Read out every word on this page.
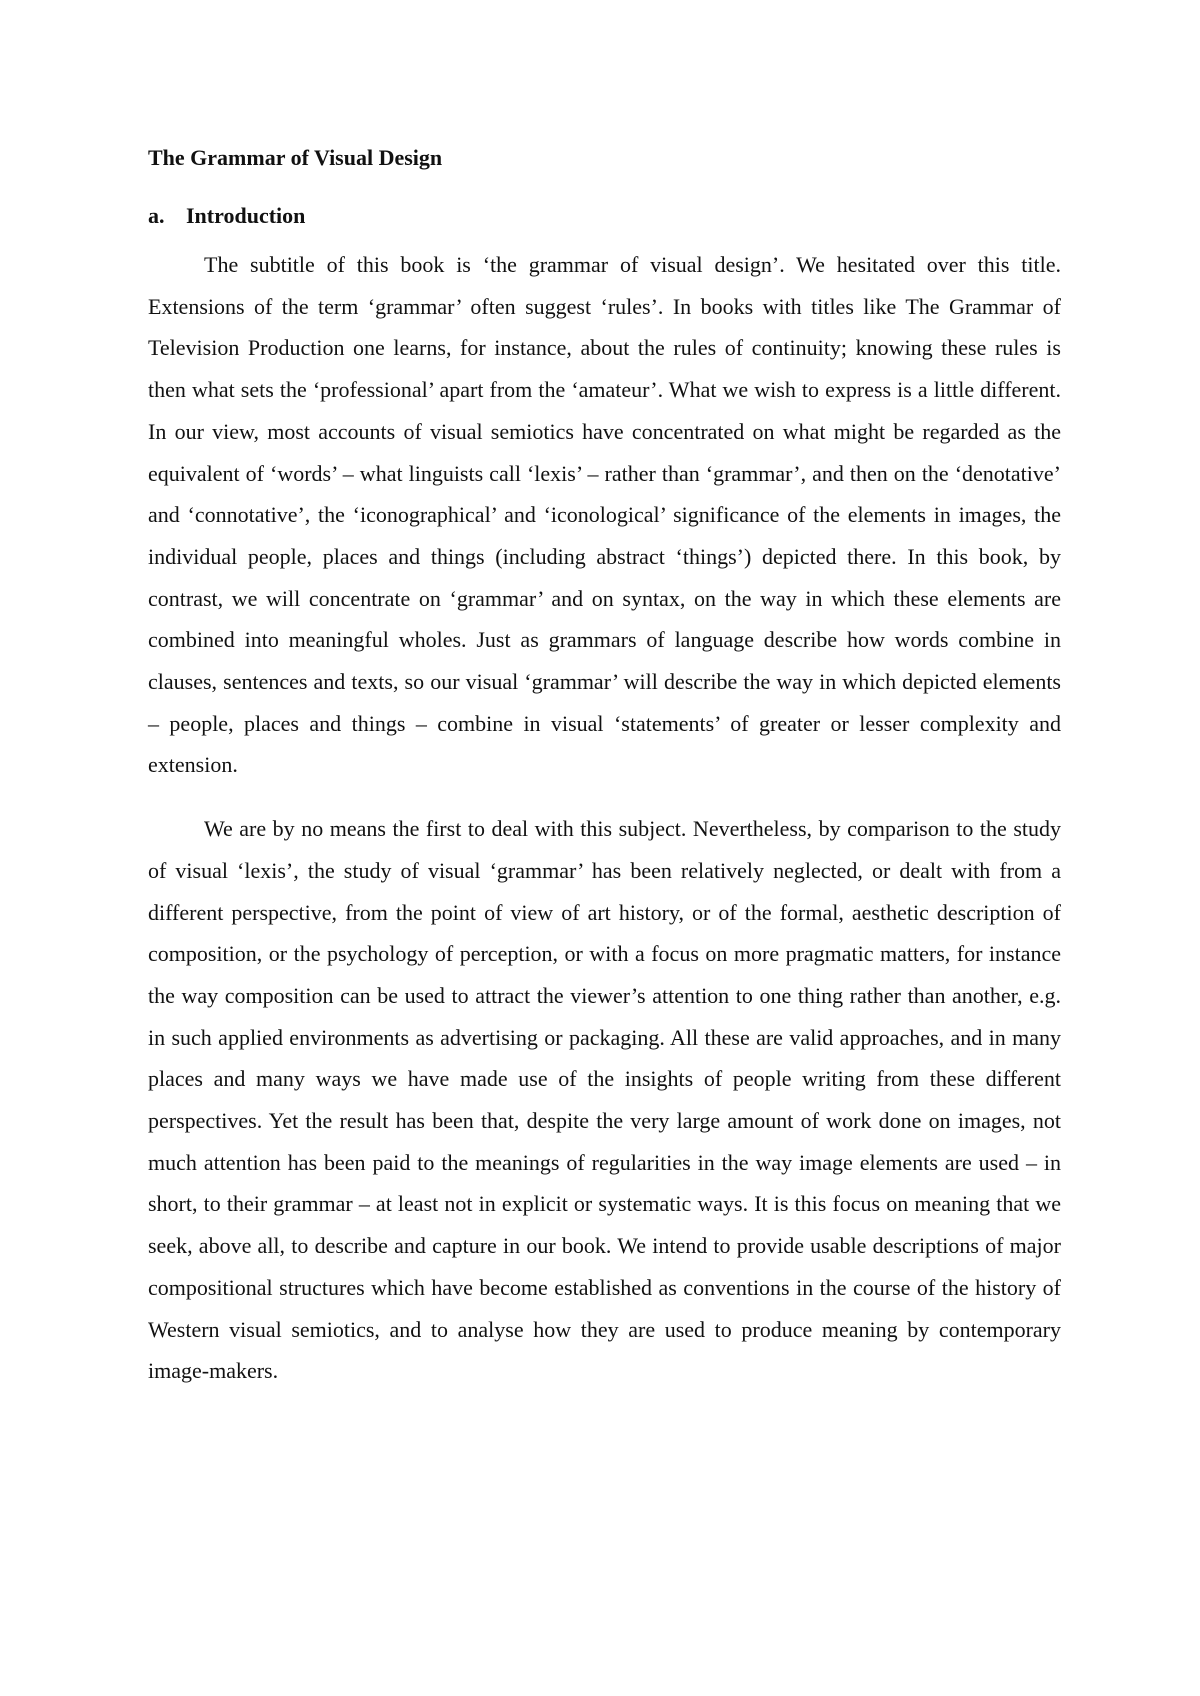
The Grammar of Visual Design
a. Introduction

The subtitle of this book is ‘the grammar of visual design’. We hesitated over this title. Extensions of the term ‘grammar’ often suggest ‘rules’. In books with titles like The Grammar of Television Production one learns, for instance, about the rules of continuity; knowing these rules is then what sets the ‘professional’ apart from the ‘amateur’. What we wish to express is a little different. In our view, most accounts of visual semiotics have concentrated on what might be regarded as the equivalent of ‘words’ – what linguists call ‘lexis’ – rather than ‘grammar’, and then on the ‘denotative’ and ‘connotative’, the ‘iconographical’ and ‘iconological’ significance of the elements in images, the individual people, places and things (including abstract ‘things’) depicted there. In this book, by contrast, we will concentrate on ‘grammar’ and on syntax, on the way in which these elements are combined into meaningful wholes. Just as grammars of language describe how words combine in clauses, sentences and texts, so our visual ‘grammar’ will describe the way in which depicted elements – people, places and things – combine in visual ‘statements’ of greater or lesser complexity and extension.

We are by no means the first to deal with this subject. Nevertheless, by comparison to the study of visual ‘lexis’, the study of visual ‘grammar’ has been relatively neglected, or dealt with from a different perspective, from the point of view of art history, or of the formal, aesthetic description of composition, or the psychology of perception, or with a focus on more pragmatic matters, for instance the way composition can be used to attract the viewer’s attention to one thing rather than another, e.g. in such applied environments as advertising or packaging. All these are valid approaches, and in many places and many ways we have made use of the insights of people writing from these different perspectives. Yet the result has been that, despite the very large amount of work done on images, not much attention has been paid to the meanings of regularities in the way image elements are used – in short, to their grammar – at least not in explicit or systematic ways. It is this focus on meaning that we seek, above all, to describe and capture in our book. We intend to provide usable descriptions of major compositional structures which have become established as conventions in the course of the history of Western visual semiotics, and to analyse how they are used to produce meaning by contemporary image-makers.
